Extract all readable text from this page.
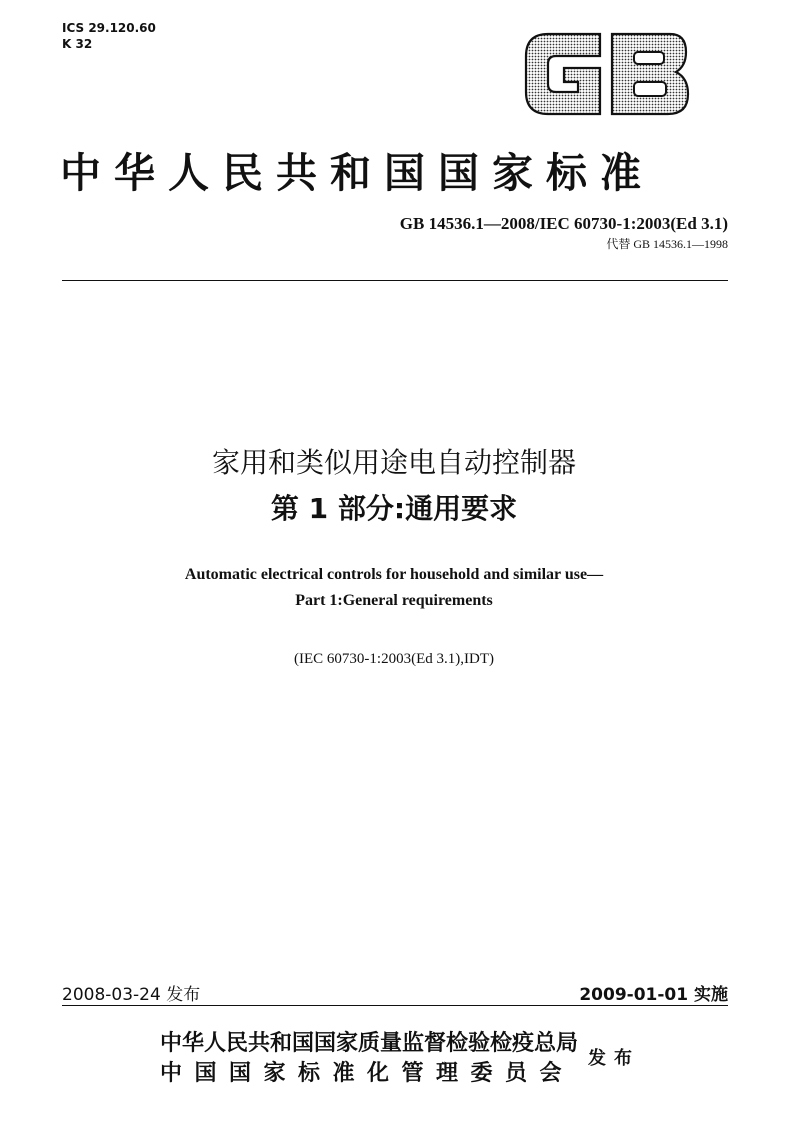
ICS 29.120.60
K 32
中华人民共和国国家标准
GB 14536.1—2008/IEC 60730-1:2003(Ed 3.1)
代替 GB 14536.1—1998
家用和类似用途电自动控制器
第 1 部分:通用要求
Automatic electrical controls for household and similar use—
Part 1:General requirements
(IEC 60730-1:2003(Ed 3.1),IDT)
2008-03-24 发布	2009-01-01 实施
中华人民共和国国家质量监督检验检疫总局
中国国家标准化管理委员会
发布
